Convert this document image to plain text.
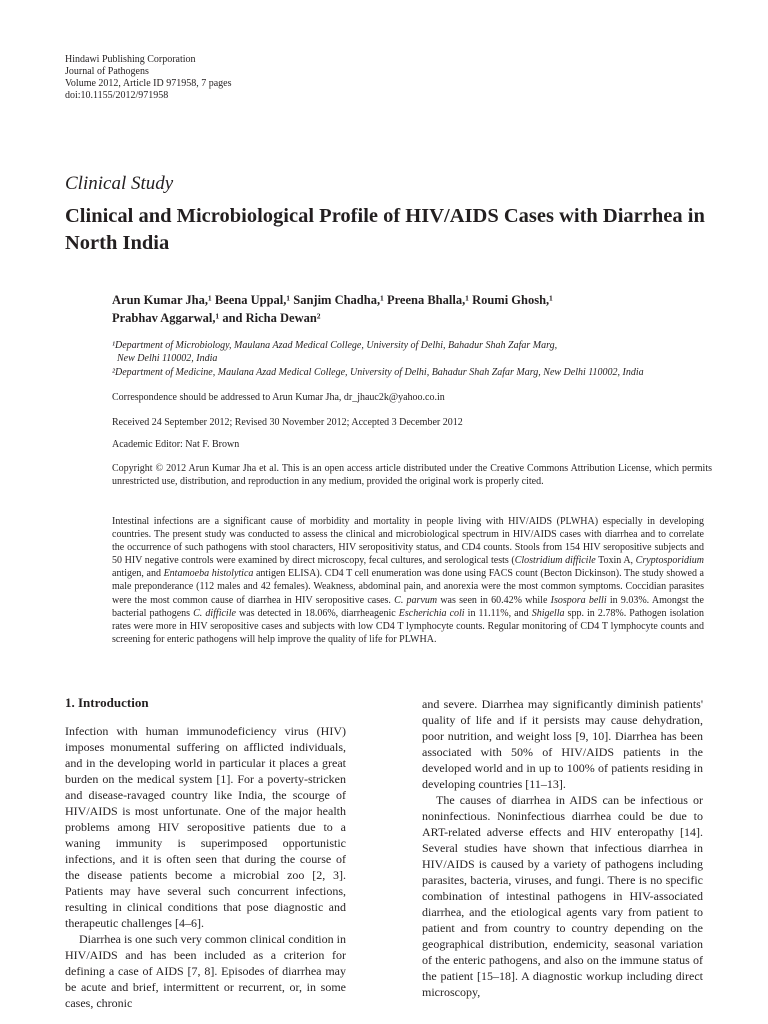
Hindawi Publishing Corporation
Journal of Pathogens
Volume 2012, Article ID 971958, 7 pages
doi:10.1155/2012/971958
Clinical Study
Clinical and Microbiological Profile of HIV/AIDS Cases with Diarrhea in North India
Arun Kumar Jha,¹ Beena Uppal,¹ Sanjim Chadha,¹ Preena Bhalla,¹ Roumi Ghosh,¹
Prabhav Aggarwal,¹ and Richa Dewan²
¹Department of Microbiology, Maulana Azad Medical College, University of Delhi, Bahadur Shah Zafar Marg,
New Delhi 110002, India
²Department of Medicine, Maulana Azad Medical College, University of Delhi, Bahadur Shah Zafar Marg, New Delhi 110002, India
Correspondence should be addressed to Arun Kumar Jha, dr_jhauc2k@yahoo.co.in
Received 24 September 2012; Revised 30 November 2012; Accepted 3 December 2012
Academic Editor: Nat F. Brown
Copyright © 2012 Arun Kumar Jha et al. This is an open access article distributed under the Creative Commons Attribution License, which permits unrestricted use, distribution, and reproduction in any medium, provided the original work is properly cited.
Intestinal infections are a significant cause of morbidity and mortality in people living with HIV/AIDS (PLWHA) especially in developing countries. The present study was conducted to assess the clinical and microbiological spectrum in HIV/AIDS cases with diarrhea and to correlate the occurrence of such pathogens with stool characters, HIV seropositivity status, and CD4 counts. Stools from 154 HIV seropositive subjects and 50 HIV negative controls were examined by direct microscopy, fecal cultures, and serological tests (Clostridium difficile Toxin A, Cryptosporidium antigen, and Entamoeba histolytica antigen ELISA). CD4 T cell enumeration was done using FACS count (Becton Dickinson). The study showed a male preponderance (112 males and 42 females). Weakness, abdominal pain, and anorexia were the most common symptoms. Coccidian parasites were the most common cause of diarrhea in HIV seropositive cases. C. parvum was seen in 60.42% while Isospora belli in 9.03%. Amongst the bacterial pathogens C. difficile was detected in 18.06%, diarrheagenic Escherichia coli in 11.11%, and Shigella spp. in 2.78%. Pathogen isolation rates were more in HIV seropositive cases and subjects with low CD4 T lymphocyte counts. Regular monitoring of CD4 T lymphocyte counts and screening for enteric pathogens will help improve the quality of life for PLWHA.
1. Introduction

Infection with human immunodeficiency virus (HIV) imposes monumental suffering on afflicted individuals, and in the developing world in particular it places a great burden on the medical system [1]. For a poverty-stricken and disease-ravaged country like India, the scourge of HIV/AIDS is most unfortunate. One of the major health problems among HIV seropositive patients due to a waning immunity is superimposed opportunistic infections, and it is often seen that during the course of the disease patients become a microbial zoo [2, 3]. Patients may have several such concurrent infections, resulting in clinical conditions that pose diagnostic and therapeutic challenges [4–6].

Diarrhea is one such very common clinical condition in HIV/AIDS and has been included as a criterion for defining a case of AIDS [7, 8]. Episodes of diarrhea may be acute and brief, intermittent or recurrent, or, in some cases, chronic

and severe. Diarrhea may significantly diminish patients' quality of life and if it persists may cause dehydration, poor nutrition, and weight loss [9, 10]. Diarrhea has been associated with 50% of HIV/AIDS patients in the developed world and in up to 100% of patients residing in developing countries [11–13].

The causes of diarrhea in AIDS can be infectious or noninfectious. Noninfectious diarrhea could be due to ART-related adverse effects and HIV enteropathy [14]. Several studies have shown that infectious diarrhea in HIV/AIDS is caused by a variety of pathogens including parasites, bacteria, viruses, and fungi. There is no specific combination of intestinal pathogens in HIV-associated diarrhea, and the etiological agents vary from patient to patient and from country to country depending on the geographical distribution, endemicity, seasonal variation of the enteric pathogens, and also on the immune status of the patient [15–18]. A diagnostic workup including direct microscopy,
